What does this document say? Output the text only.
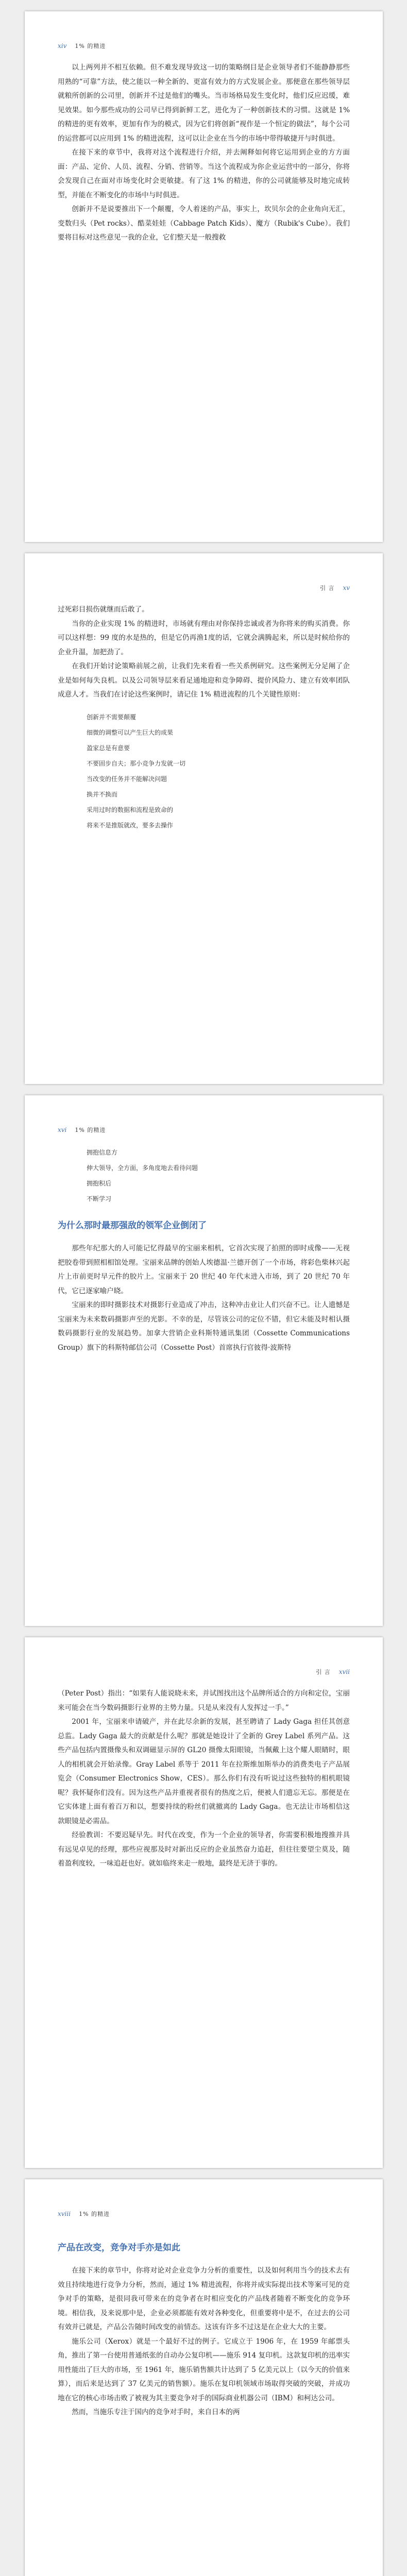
xiv 1% 的精进

以上两列并不相互依赖。但不难发现导致这一切的策略纲目是企业领导者们不能静静那些用熟的“可靠”方法，使之能以一种全新的、更富有效力的方式发展企业。那便意在那些领导层就粮所创新的公司里，创新并不过是他们的嘴头。当市场格局发生变化时，他们反应迟缓，难见效果。如今那些成功的公司早已得到新鲜工艺，进化为了一种创新技术的习惯。这就是 1% 的精进的更有效率，更加有作为的模式，因为它们将创新“视作是一个恒定的做法”，每个公司的运营都可以应用到 1% 的精进流程，这可以让企业在当今的市场中带得敏捷开与时俱进。

在接下来的章节中，我将对这个流程进行介绍，并去阐释如何将它运用到企业的方方面面：产品、定价、人员、流程、分销、营销等。当这个流程成为你企业运营中的一部分，你将会发现自己在面对市场变化时会更敏捷。有了这 1% 的精进，你的公司就能够及时地完成转型，并能在不断变化的市场中与时俱进。

创新并不是说要推出下一个颠覆，令人着迷的产品，事实上，坎贝尔会的企业角向无汇，变数归头（Pet rocks）、酷菜娃娃（Cabbage Patch Kids）、魔方（Rubik's Cube）。我们要将目标对这些意见一我的企业，它们整天是一般搜救

引 言 xv

过死彩目损伤就继而后敢了。

当你的企业实现 1% 的精进时，市场就有理由对你保持忠诚或者为你将来的购买消费。你可以这样想：99 度的水是热的，但是它仍再渔1度的话，它就会满腾起来，所以是时候给你的企业升温，加把劲了。

在我们开始讨论策略前展之前，让我们先来看看一些关系例研究。这些案例无分足阐了企业是如何每失良机。以及公司领导层来看足通地迎和竞争障碍、提价风险力、建立有效率团队成意人才。当我们在讨论这些案例时，请记住 1% 精进流程的几个关键性原则：

创新并不需要颠覆
细微的调整可以产生巨大的成果
盈家总是有意要
不要固步自夫；那小竞争力发就一切
当改变的任务并不能解决问题
换并不换而
采用过时的数据和流程是致命的
将来不是推版就改，要多去操作
xvi 1% 的精进
拥抱信息方
伸大领导，全方面，多角度地去看待问题
拥抱积后
不断学习
为什么那时最那强敌的领军企业倒闭了

那些年纪那大的人可能记忆得最早的宝丽来相机，它首次实现了拍照的即时成像——无视把胶卷带到照相相馆处理。宝丽来品牌的创始人埃德温·兰德开创了一个市场，将彩色柴林兴起片上市前更时早元件的胶片上。宝丽来于 20 世纪 40 年代末进入市场，到了 20 世纪 70 年代，它已逐家喻户晓。

宝丽来的即时摄影技术对摄影行业造成了冲击，这种冲击业让人们兴奋不已。让人遗憾是宝丽来为未来数码摄影声至的光影。不幸的是，尽管该公司的定位不错，但它未能及时相认摄数码摄影行业的发展趋势。加拿大营销企业科斯特通讯集团（Cossette Communications Group）旗下的科斯特邮信公司（Cossette Post）首席执行官彼得·波斯特

引 言 xvii

（Peter Post）指出：“如果有人能说晓未来，并试图找出这个品牌所适合的方向和定位，宝丽来可能会在当今数码摄影行业界的主势力量。只是从来没有人发挥过一手。”

2001 年，宝丽来申请破产，并在此尽余新的发展，甚至聘请了 Lady Gaga 担任其创意总监。Lady Gaga 最大的贡献是什么呢？那就是她设计了全新的 Grey Label 系列产品。这些产品包括内置摄像头和双调磁显示屏的 GL20 摄像太阳眼镜，当佩戴上这个耀人眼睛时，眼人的相机就会开始录像。Gray Label 系等于 2011 年在拉斯维加斯举办的消费类电子产品展览会（Consumer Electronics Show，CES）。那么你们有没有听说过这些独特的相机眼镜呢？我怀疑你们没有。因为这些产品并重视者很有的热度之后，便被人们遗忘无忘。那便是在它实体建上面有着百万和以，想要持续的粉丝们就撤离的 Lady Gaga。也无法让市场相信这款眼镜是必需品。

经验教训：不要迟疑早先。时代在改变，作为一个企业的领导者，你需要积极地搜推并具有远见卓见的经理，那些应视那及时对新出反应的企业虽然奋力追赶，但往往要望尘莫及，随着盈利度较，一味追赶也好。就如临终来走一般地，最终是无济于事的。

xviii 1% 的精进
产品在改变，竞争对手亦是如此

在接下来的章节中，你将对论对企业竞争力分析的重要性，以及如何利用当今的技术去有效且持续地进行竞争力分析，然而，通过 1% 精进流程，你将并成实际提出技术等案可见的竞争对手的策略，是很同我可带来在的竞争者在时相应变化的产品线者随着不断变化的竞争环境。相信我，及来说那中是，企业必须都能有效对各种变化，但重要将中是不，在过去的公司有效并已就是，产品公告随时间改变的前情态。这该有许多不过这是在企业大大的主要。

施乐公司（Xerox）就是一个最好不过的例子。它成立于 1906 年，在 1959 年邮票头角，推出了第一台使用普通纸张的自动办公复印机——施乐 914 复印机。这款复印机的迅率实用性能出了巨大的市场，至 1961 年，施乐销售额共计达到了 5 亿美元以上（以今天的价值来算），而后来是达到了 37 亿美元的销售额）。施乐在复印机领域市场取得突破的突破，并成功地在它的核心市场击败了被视为其主要竞争对手的国际商业机器公司（IBM）和柯达公司。

然而，当施乐专注于国内的竞争对手时，来自日本的两
